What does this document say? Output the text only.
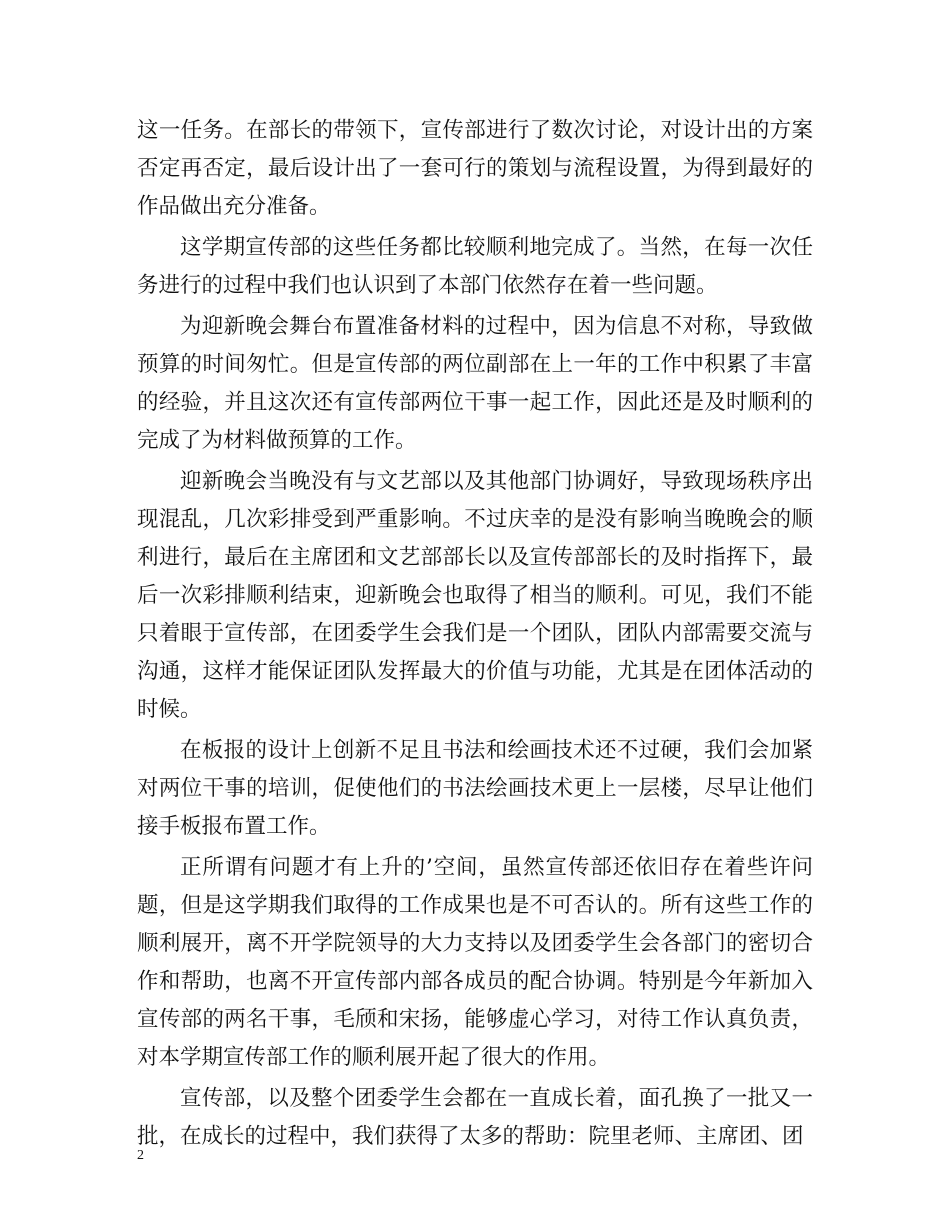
这一任务。在部长的带领下，宣传部进行了数次讨论，对设计出的方案否定再否定，最后设计出了一套可行的策划与流程设置，为得到最好的作品做出充分准备。

这学期宣传部的这些任务都比较顺利地完成了。当然，在每一次任务进行的过程中我们也认识到了本部门依然存在着一些问题。

为迎新晚会舞台布置准备材料的过程中，因为信息不对称，导致做预算的时间匆忙。但是宣传部的两位副部在上一年的工作中积累了丰富的经验，并且这次还有宣传部两位干事一起工作，因此还是及时顺利的完成了为材料做预算的工作。

迎新晚会当晚没有与文艺部以及其他部门协调好，导致现场秩序出现混乱，几次彩排受到严重影响。不过庆幸的是没有影响当晚晚会的顺利进行，最后在主席团和文艺部部长以及宣传部部长的及时指挥下，最后一次彩排顺利结束，迎新晚会也取得了相当的顺利。可见，我们不能只着眼于宣传部，在团委学生会我们是一个团队，团队内部需要交流与沟通，这样才能保证团队发挥最大的价值与功能，尤其是在团体活动的时候。

在板报的设计上创新不足且书法和绘画技术还不过硬，我们会加紧对两位干事的培训，促使他们的书法绘画技术更上一层楼，尽早让他们接手板报布置工作。

正所谓有问题才有上升的’空间，虽然宣传部还依旧存在着些许问题，但是这学期我们取得的工作成果也是不可否认的。所有这些工作的顺利展开，离不开学院领导的大力支持以及团委学生会各部门的密切合作和帮助，也离不开宣传部内部各成员的配合协调。特别是今年新加入宣传部的两名干事，毛颀和宋扬，能够虚心学习，对待工作认真负责，对本学期宣传部工作的顺利展开起了很大的作用。

宣传部，以及整个团委学生会都在一直成长着，面孔换了一批又一批，在成长的过程中，我们获得了太多的帮助：院里老师、主席团、团

2
